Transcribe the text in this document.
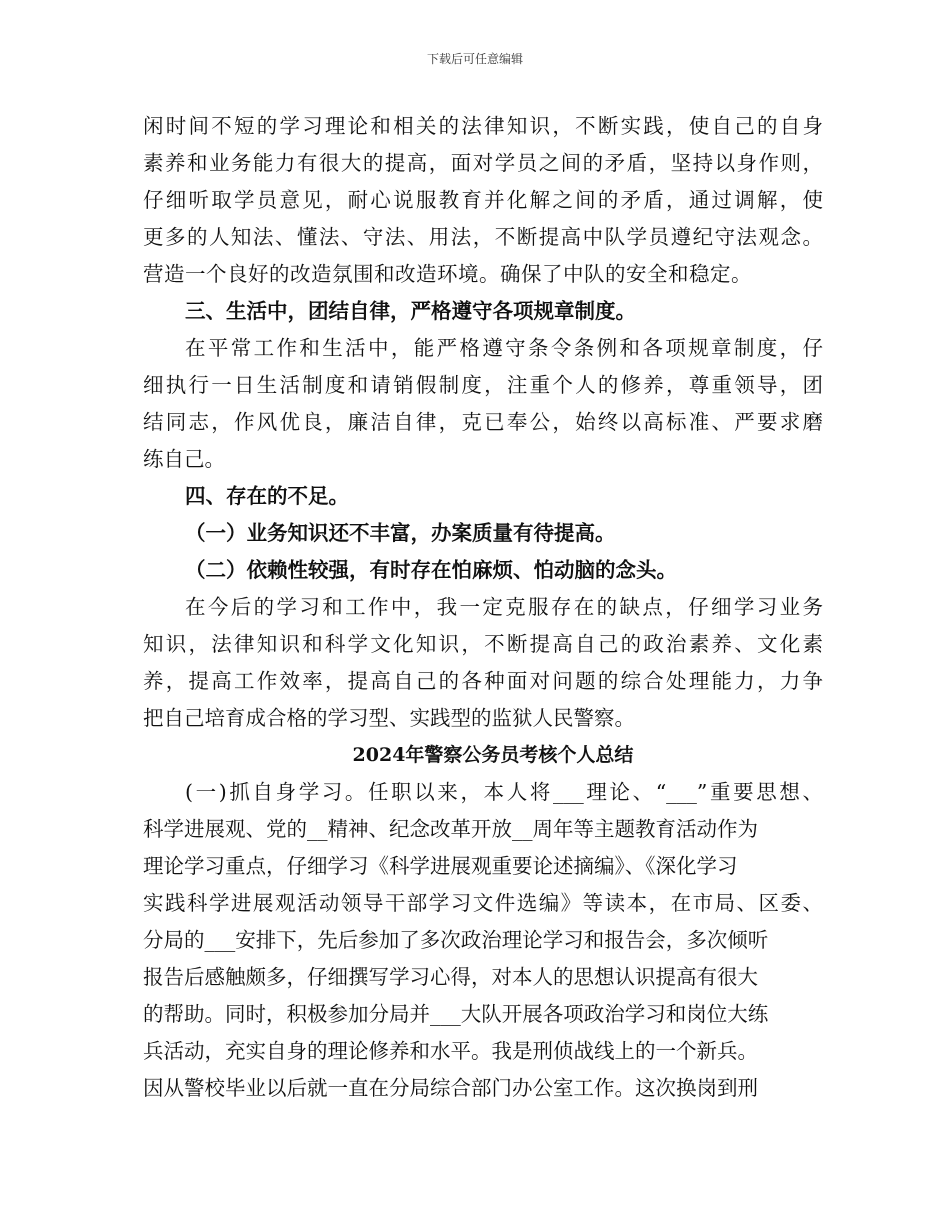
下载后可任意编辑
闲时间不短的学习理论和相关的法律知识，不断实践，使自己的自身
素养和业务能力有很大的提高，面对学员之间的矛盾，坚持以身作则，
仔细听取学员意见，耐心说服教育并化解之间的矛盾，通过调解，使
更多的人知法、懂法、守法、用法，不断提高中队学员遵纪守法观念。
营造一个良好的改造氛围和改造环境。确保了中队的安全和稳定。
三、生活中，团结自律，严格遵守各项规章制度。
在平常工作和生活中，能严格遵守条令条例和各项规章制度，仔
细执行一日生活制度和请销假制度，注重个人的修养，尊重领导，团
结同志，作风优良，廉洁自律，克已奉公，始终以高标准、严要求磨
练自己。
四、存在的不足。
（一）业务知识还不丰富，办案质量有待提高。
（二）依赖性较强，有时存在怕麻烦、怕动脑的念头。
在今后的学习和工作中，我一定克服存在的缺点，仔细学习业务
知识，法律知识和科学文化知识，不断提高自己的政治素养、文化素
养，提高工作效率，提高自己的各种面对问题的综合处理能力，力争
把自己培育成合格的学习型、实践型的监狱人民警察。
2024年警察公务员考核个人总结
(一)抓自身学习。任职以来，本人将___理论、“___”重要思想、
科学进展观、党的__精神、纪念改革开放__周年等主题教育活动作为
理论学习重点，仔细学习《科学进展观重要论述摘编》、《深化学习
实践科学进展观活动领导干部学习文件选编》等读本，在市局、区委、
分局的___安排下，先后参加了多次政治理论学习和报告会，多次倾听
报告后感触颇多，仔细撰写学习心得，对本人的思想认识提高有很大
的帮助。同时，积极参加分局并___大队开展各项政治学习和岗位大练
兵活动，充实自身的理论修养和水平。我是刑侦战线上的一个新兵。
因从警校毕业以后就一直在分局综合部门办公室工作。这次换岗到刑
